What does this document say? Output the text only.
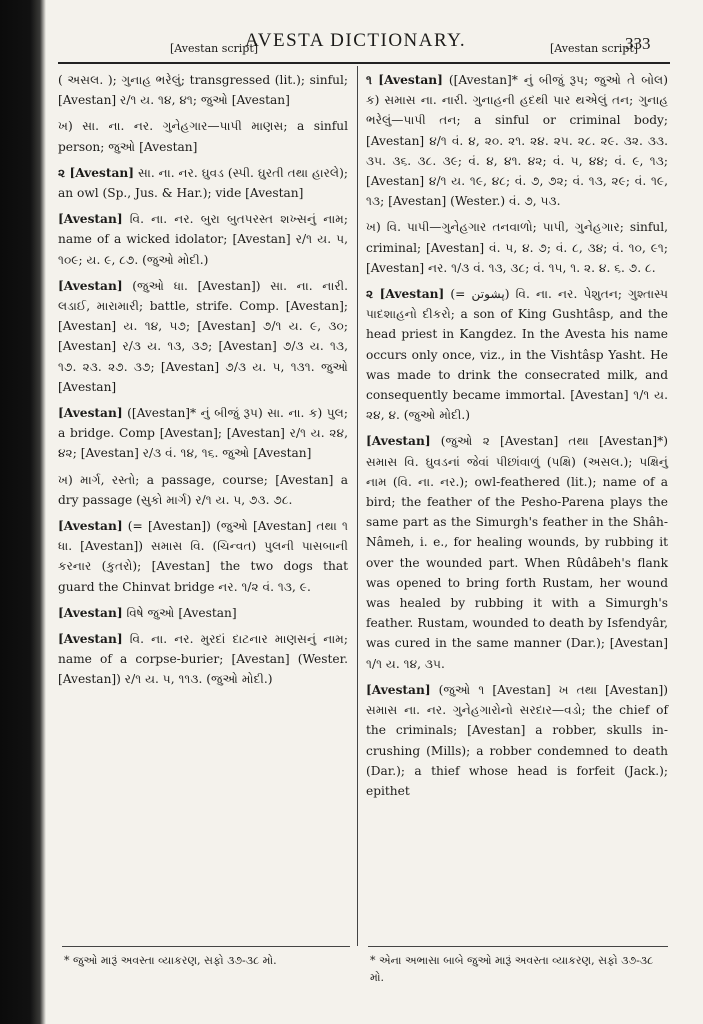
[Avestan script]
AVESTA DICTIONARY.	[Avestan script]
333

( અસલ. ); ગુનાહ ભરેલું; transgressed (lit.); sinful; [Avestan] ર/૧ ય. ૧૪, ૪૧; જુઓ [Avestan]

ખ) સા. ના. નર. ગુનેહગાર—પાપી માણસ; a sinful person; જુઓ [Avestan]

૨ [Avestan] સા. ના. નર. ઘુવડ (સ્પી. ઘુરતી તથા હારલે); an owl (Sp., Jus. & Har.); vide [Avestan]

[Avestan] વિ. ના. નર. બુરા બુતપરસ્ત શખ્સનું નામ; name of a wicked idolator; [Avestan] ર/૧ ય. પ, ૧૦૯; ય. ૯, ૮૭. (જુઓ મોદી.)

[Avestan] (જુઓ ધા. [Avestan]) સા. ના. નારી. લડાઈ, મારામારી; battle, strife. Comp. [Avestan]; [Avestan] ય. ૧૪, ૫૭; [Avestan] ૭/૧ ય. ૯, ૩૦; [Avestan] ર/૩ ય. ૧૩, ૩૭; [Avestan] ૭/૩ ય. ૧૩, ૧૭. ૨૩. ૨૭. ૩૭; [Avestan] ૭/૩ ય. પ, ૧૩૧. જુઓ [Avestan]

[Avestan] ([Avestan]* નું બીજું રૂપ) સા. ના. ક) પુલ; a bridge. Comp [Avestan]; [Avestan] ર/૧ ય. ૨૪, ૪૨; [Avestan] ર/૩ વં. ૧૪, ૧૬. જુઓ [Avestan]

ખ) માર્ગ, રસ્તો; a passage, course; [Avestan] a dry passage (સુકો માર્ગ) ર/૧ ય. પ, ૭૩. ૭૮.

[Avestan] (= [Avestan]) (જુઓ [Avestan] તથા ૧ ધા. [Avestan]) સમાસ વિ. (ચિન્વત) પુલની પાસબાની કરનાર (કુતરો); [Avestan] the two dogs that guard the Chinvat bridge નર. ૧/૨ વં. ૧૩, ૯.

[Avestan] વિષે જુઓ [Avestan]

[Avestan] વિ. ના. નર. મુરદાં દાટનાર માણસનું નામ; name of a corpse-burier; [Avestan] (Wester. [Avestan]) ર/૧ ય. પ, ૧૧૩. (જુઓ મોદી.)

૧ [Avestan] ([Avestan]* નું બીજું રૂપ; જુઓ તે બોલ) ક) સમાસ ના. નારી. ગુનાહની હદથી પાર થએલું તન; ગુનાહ ભરેલું—પાપી તન; a sinful or criminal body; [Avestan] ૪/૧ વં. ૪, ૨૦. ૨૧. ૨૪. ૨૫. ૨૮. ૨૯. ૩૨. ૩૩. ૩૫. ૩૬. ૩૮. ૩૯; વં. ૪, ૪૧. ૪૨; વં. પ, ૪૪; વં. ૯, ૧૩; [Avestan] ૪/૧ ય. ૧૯, ૪૮; વં. ૭, ૭૨; વં. ૧૩, ૨૯; વં. ૧૯, ૧૩; [Avestan] (Wester.) વં. ૭, ૫૩.

ખ) વિ. પાપી—ગુનેહગાર તનવાળો; પાપી, ગુનેહગાર; sinful, criminal; [Avestan] વં. પ, ૪. ૭; વં. ૮, ૩૪; વં. ૧૦, ૯૧; [Avestan] નર. ૧/૩ વં. ૧૩, ૩૮; વં. ૧૫, ૧. ૨. ૪. ૬. ૭. ૮.

૨ [Avestan] (= پشوتن) વિ. ના. નર. પેશુતન; ગુશ્તાસ્પ પાદશાહનો દીકરો; a son of King Gushtâsp, and the head priest in Kangdez. In the Avesta his name occurs only once, viz., in the Vishtâsp Yasht. He was made to drink the consecrated milk, and consequently became immortal. [Avestan] ૧/૧ ય. ૨૪, ૪. (જુઓ મોદી.)

[Avestan] (જુઓ ૨ [Avestan] તથા [Avestan]*) સમાસ વિ. ઘુવડનાં જેવાં પીછાંવાળું (પક્ષિ) (અસલ.); પક્ષિનું નામ (વિ. ના. નર.); owl-feathered (lit.); name of a bird; the feather of the Pesho-Parena plays the same part as the Simurgh's feather in the Shâh-Nâmeh, i. e., for healing wounds, by rubbing it over the wounded part. When Rûdâbeh's flank was opened to bring forth Rustam, her wound was healed by rubbing it with a Simurgh's feather. Rustam, wounded to death by Isfendyâr, was cured in the same manner (Dar.); [Avestan] ૧/૧ ય. ૧૪, ૩૫.

[Avestan] (જુઓ ૧ [Avestan] ખ તથા [Avestan]) સમાસ ના. નર. ગુનેહગારોનો સરદાર—વડો; the chief of the criminals; [Avestan] a robber, skulls in-crushing (Mills); a robber condemned to death (Dar.); a thief whose head is forfeit (Jack.); epithet

* જુઓ મારૂં અવસ્તા વ્યાકરણ, સફો ૩૭-૩૮ મો.	* એના અભાસા બાબે જુઓ મારૂં અવસ્તા વ્યાકરણ, સફો ૩૭-૩૮ મો.
